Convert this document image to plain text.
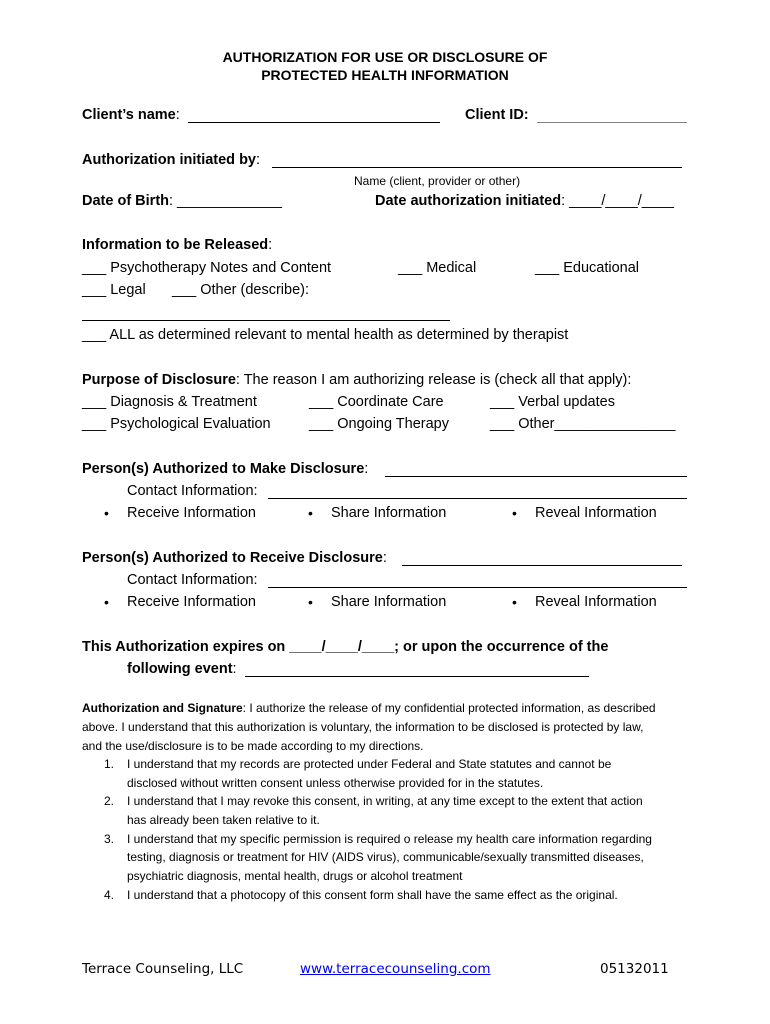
AUTHORIZATION FOR USE OR DISCLOSURE OF
PROTECTED HEALTH INFORMATION
Client’s name:	Client ID:
Authorization initiated by:
Name (client, provider or other)
Date of Birth: _____________	Date authorization initiated: ____/____/____
Information to be Released:
___ Psychotherapy Notes and Content	___ Medical	___ Educational
___ Legal ___ Other (describe):
___ ALL as determined relevant to mental health as determined by therapist
Purpose of Disclosure: The reason I am authorizing release is (check all that apply):
___ Diagnosis & Treatment	___ Coordinate Care	___ Verbal updates
___ Psychological Evaluation	___ Ongoing Therapy	___ Other_______________
Person(s) Authorized to Make Disclosure:
Contact Information:
• Receive Information	• Share Information	• Reveal Information
Person(s) Authorized to Receive Disclosure:
Contact Information:
• Receive Information	• Share Information	• Reveal Information
This Authorization expires on ____/____/____; or upon the occurrence of the
following event:
Authorization and Signature: I authorize the release of my confidential protected information, as described
above. I understand that this authorization is voluntary, the information to be disclosed is protected by law,
and the use/disclosure is to be made according to my directions.
1. I understand that my records are protected under Federal and State statutes and cannot be
disclosed without written consent unless otherwise provided for in the statutes.
2. I understand that I may revoke this consent, in writing, at any time except to the extent that action
has already been taken relative to it.
3. I understand that my specific permission is required o release my health care information regarding
testing, diagnosis or treatment for HIV (AIDS virus), communicable/sexually transmitted diseases,
psychiatric diagnosis, mental health, drugs or alcohol treatment
4. I understand that a photocopy of this consent form shall have the same effect as the original.
Terrace Counseling, LLC	www.terracecounseling.com	05132011
